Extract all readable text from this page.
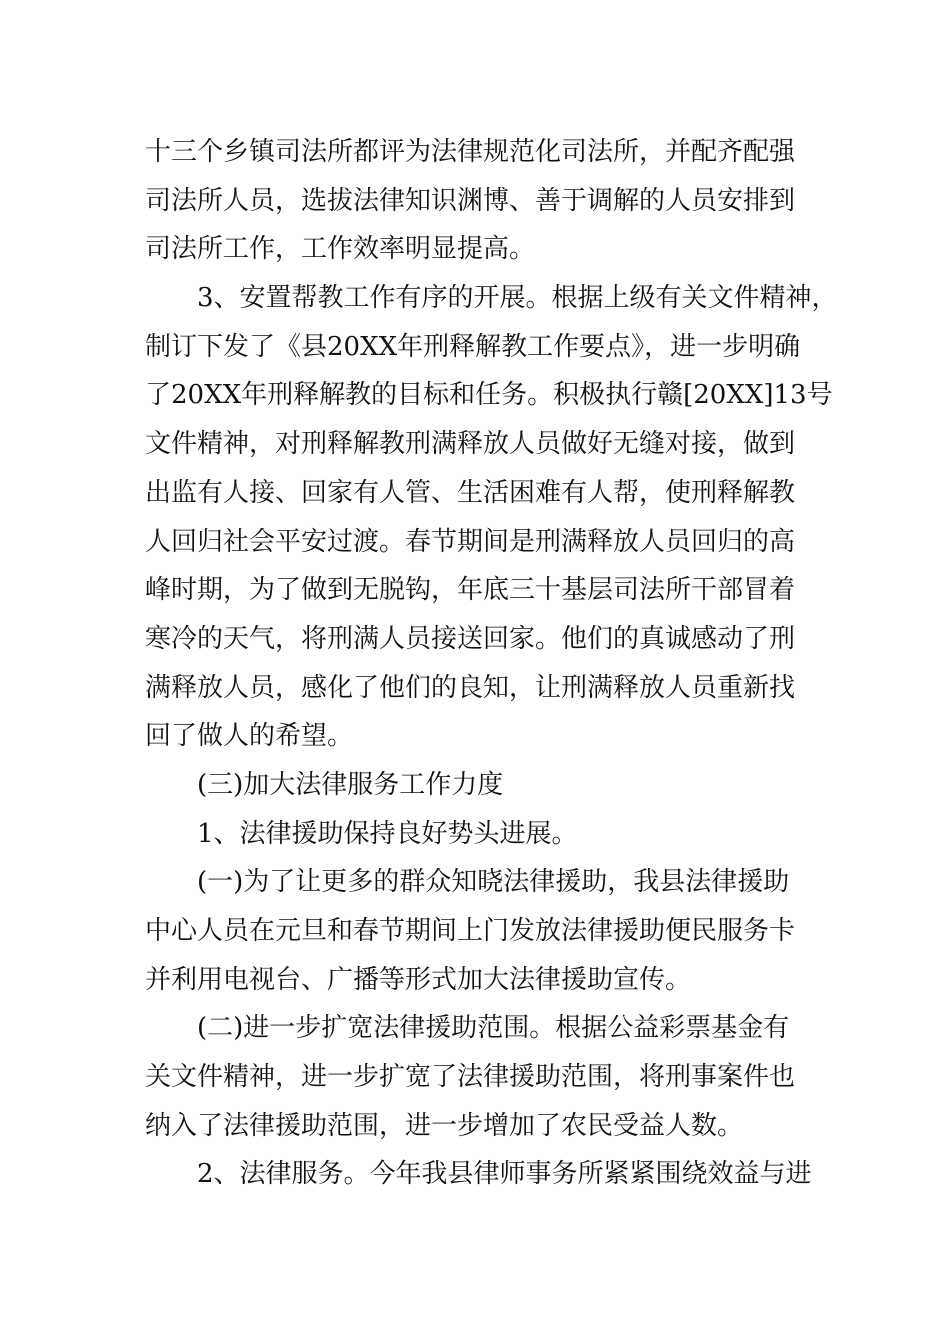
十三个乡镇司法所都评为法律规范化司法所，并配齐配强
司法所人员，选拔法律知识渊博、善于调解的人员安排到
司法所工作，工作效率明显提高。
3、安置帮教工作有序的开展。根据上级有关文件精神，
制订下发了《县20XX年刑释解教工作要点》，进一步明确
了20XX年刑释解教的目标和任务。积极执行赣[20XX]13号
文件精神，对刑释解教刑满释放人员做好无缝对接，做到
出监有人接、回家有人管、生活困难有人帮，使刑释解教
人回归社会平安过渡。春节期间是刑满释放人员回归的高
峰时期，为了做到无脱钩，年底三十基层司法所干部冒着
寒冷的天气，将刑满人员接送回家。他们的真诚感动了刑
满释放人员，感化了他们的良知，让刑满释放人员重新找
回了做人的希望。
(三)加大法律服务工作力度
1、法律援助保持良好势头进展。
(一)为了让更多的群众知晓法律援助，我县法律援助
中心人员在元旦和春节期间上门发放法律援助便民服务卡
并利用电视台、广播等形式加大法律援助宣传。
(二)进一步扩宽法律援助范围。根据公益彩票基金有
关文件精神，进一步扩宽了法律援助范围，将刑事案件也
纳入了法律援助范围，进一步增加了农民受益人数。
2、法律服务。今年我县律师事务所紧紧围绕效益与进
